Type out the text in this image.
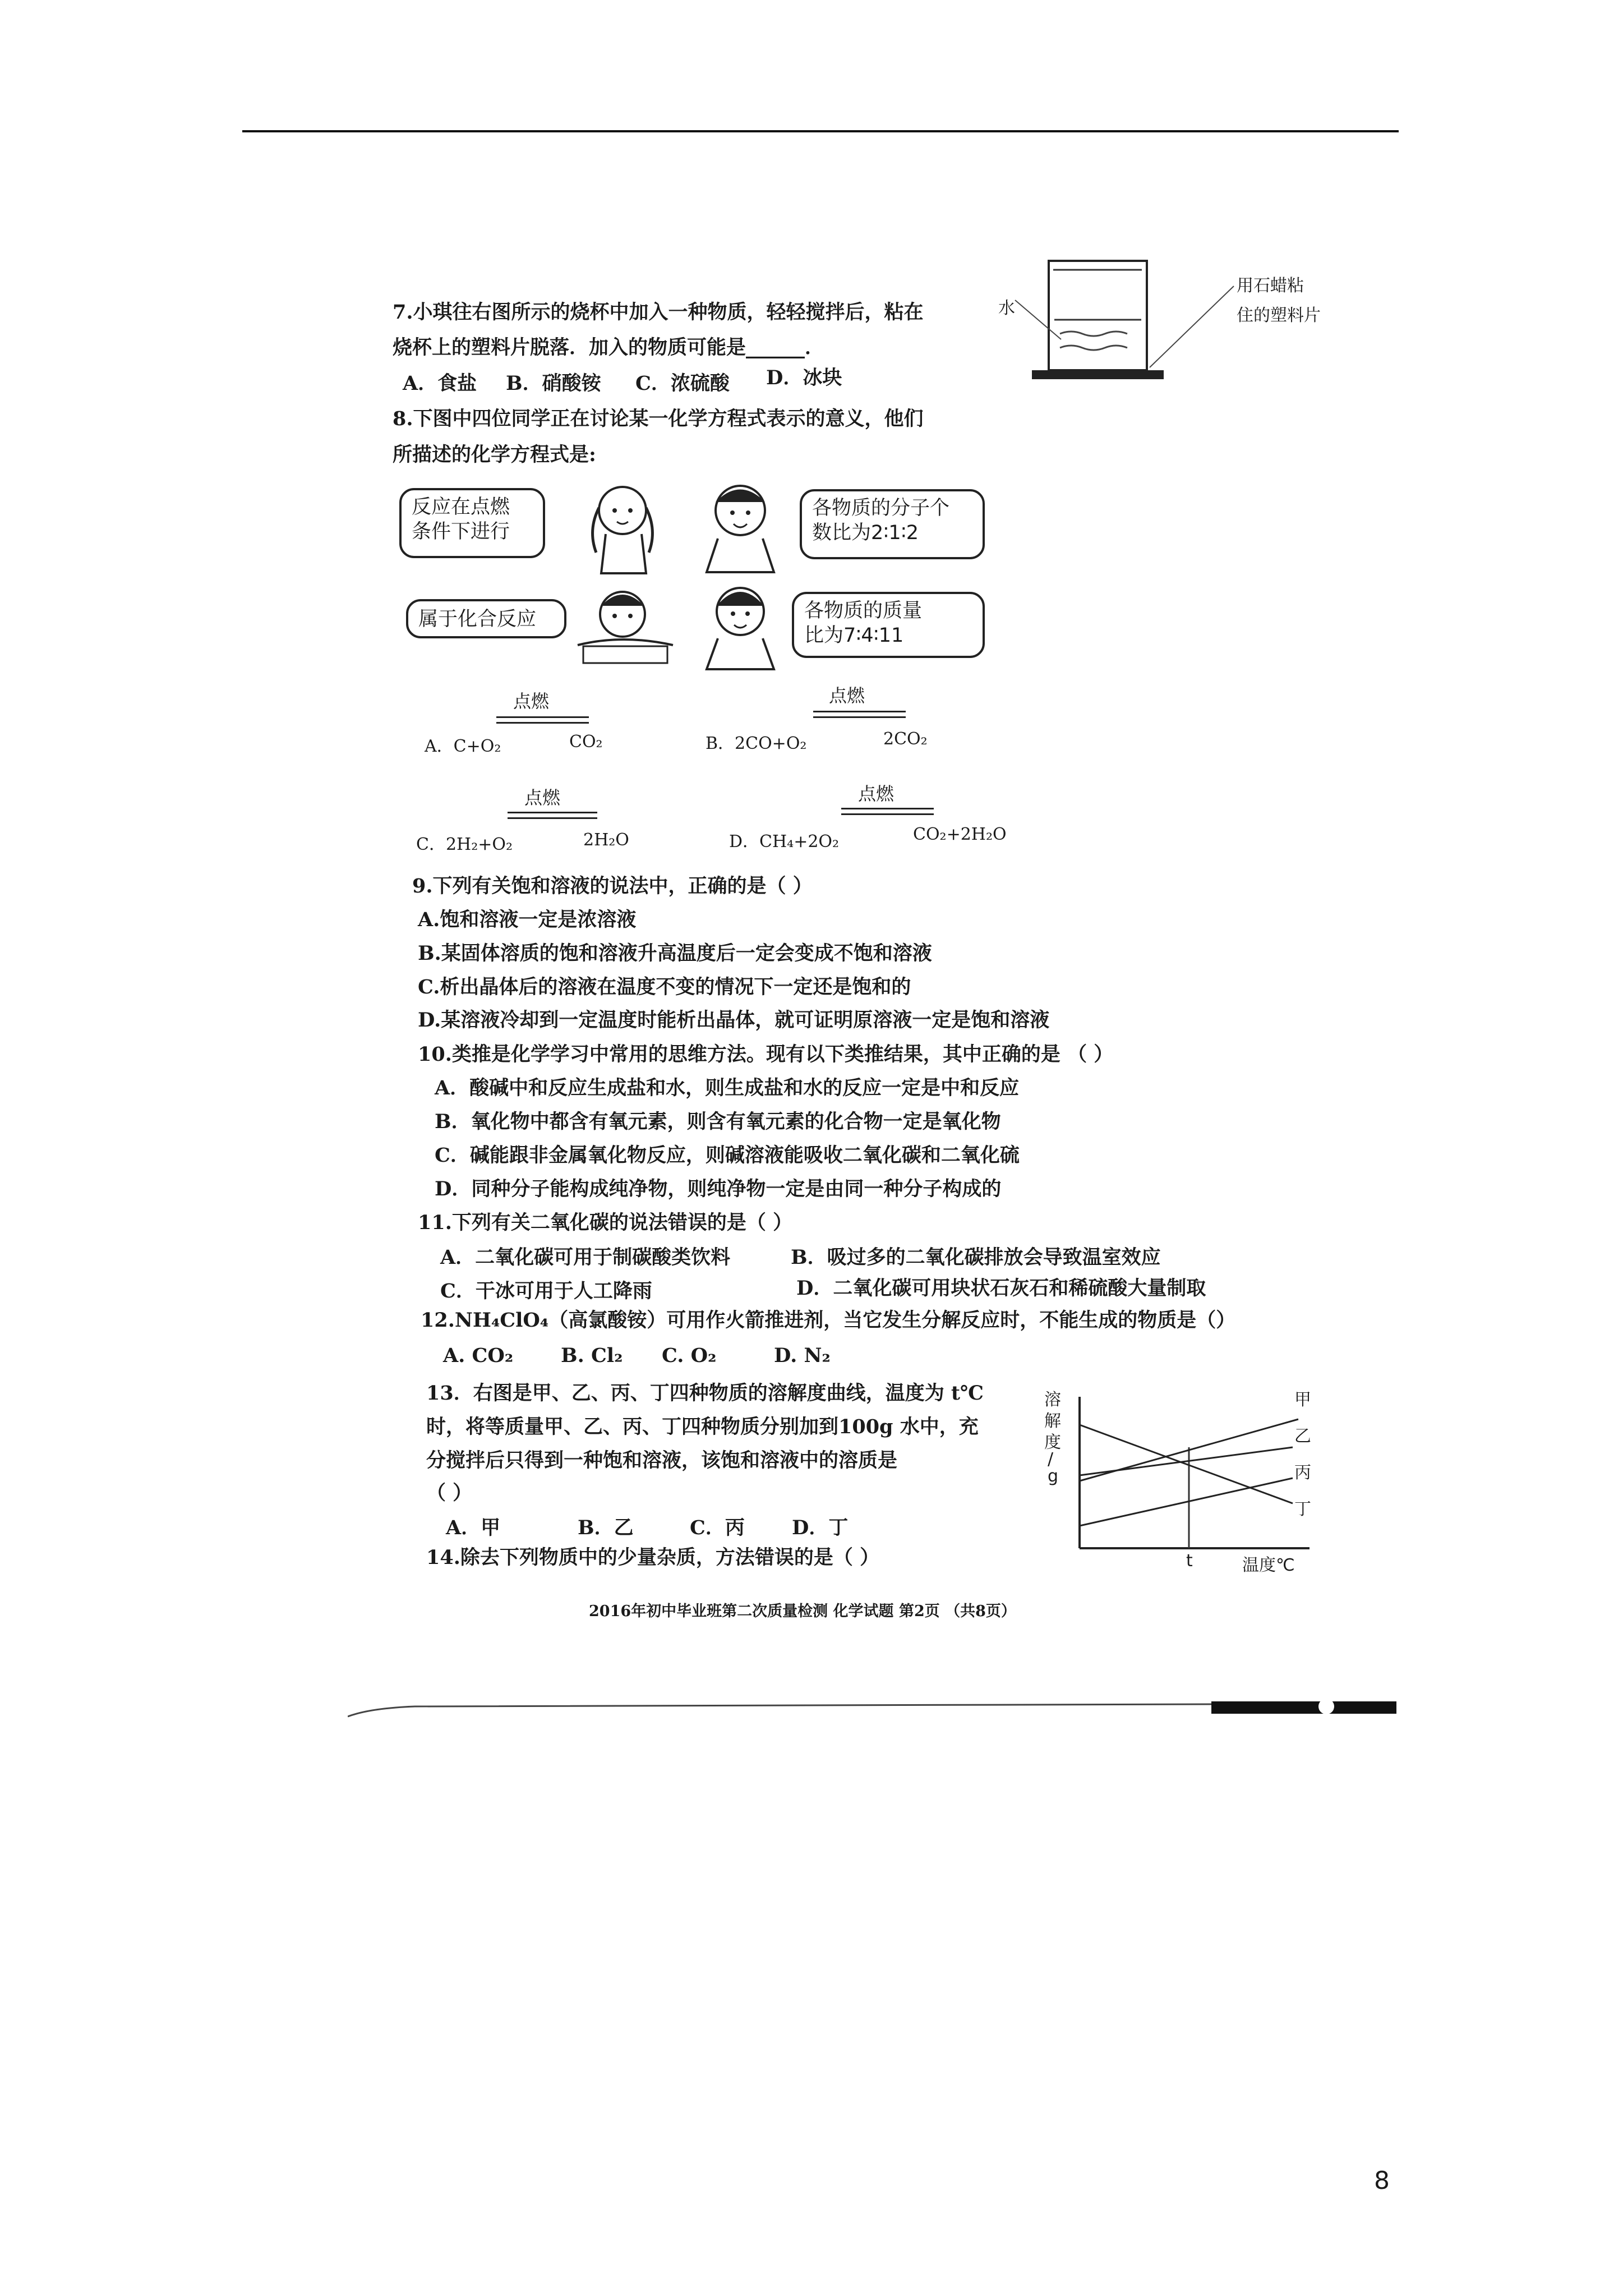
7.小琪往右图所示的烧杯中加入一种物质，轻轻搅拌后，粘在
烧杯上的塑料片脱落．加入的物质可能是______．
A．食盐 B．硝酸铵 C．浓硫酸 D．冰块
水
用石蜡粘
住的塑料片
8.下图中四位同学正在讨论某一化学方程式表示的意义，他们
所描述的化学方程式是:
反应在点燃
条件下进行
各物质的分子个
数比为2∶1∶2
属于化合反应	各物质的质量
比为7∶4∶11
点燃
A．C+O₂	CO₂
点燃
B．2CO+O₂	2CO₂
点燃
C．2H₂+O₂	2H₂O
点燃
D．CH₄+2O₂	CO₂+2H₂O
9.下列有关饱和溶液的说法中，正确的是（ ）
A.饱和溶液一定是浓溶液
B.某固体溶质的饱和溶液升高温度后一定会变成不饱和溶液
C.析出晶体后的溶液在温度不变的情况下一定还是饱和的
D.某溶液冷却到一定温度时能析出晶体，就可证明原溶液一定是饱和溶液
10.类推是化学学习中常用的思维方法。现有以下类推结果，其中正确的是 （ ）
A．酸碱中和反应生成盐和水，则生成盐和水的反应一定是中和反应
B．氧化物中都含有氧元素，则含有氧元素的化合物一定是氧化物
C．碱能跟非金属氧化物反应，则碱溶液能吸收二氧化碳和二氧化硫
D．同种分子能构成纯净物，则纯净物一定是由同一种分子构成的
11.下列有关二氧化碳的说法错误的是（ ）
A．二氧化碳可用于制碳酸类饮料	B．吸过多的二氧化碳排放会导致温室效应
C．干冰可用于人工降雨	D．二氧化碳可用块状石灰石和稀硫酸大量制取
12.NH₄ClO₄（高氯酸铵）可用作火箭推进剂，当它发生分解反应时，不能生成的物质是（）
A. CO₂ B. Cl₂ C. O₂	D. N₂
13．右图是甲、乙、丙、丁四种物质的溶解度曲线，温度为 t℃
时，将等质量甲、乙、丙、丁四种物质分别加到100g 水中，充
分搅拌后只得到一种饱和溶液，该饱和溶液中的溶质是
（ ）
A．甲	B．乙	C．丙 D．丁
溶
解
度
/
g
甲
乙
丙
丁
t	温度℃
14.除去下列物质中的少量杂质，方法错误的是（ ）
2016年初中毕业班第二次质量检测 化学试题 第2页 （共8页）
8
